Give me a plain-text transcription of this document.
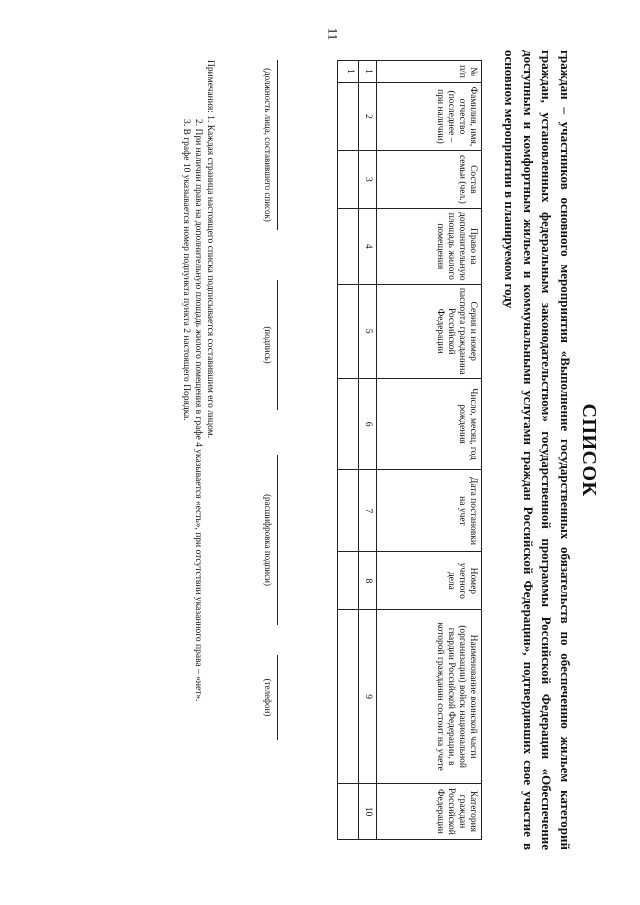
11
СПИСОК
граждан – участников основного мероприятия «Выполнение государственных обязательств по обеспечению жильем категорий граждан, установленных федеральным законодательством» государственной программы Российской Федерации «Обеспечение доступным и комфортным жильем и коммунальными услугами граждан Российской Федерации», подтвердивших свое участие в основном мероприятии в планируемом году
№ п/п	Фамилия, имя, отчество (последнее – при наличии)	Состав семьи (чел.)	Право на дополнительную площадь жилого помещения	Серия и номер паспорта гражданина Российской Федерации	Число, месяц, год рождения	Дата постановки на учет	Номер учетного дела	Наименование воинской части (организации) войск национальной гвардии Российской Федерации, в которой гражданин состоит на учете	Категория граждан Российской Федерации
1	2	3	4	5	6	7	8	9	10
1									
(должность лица, составившего список)
(подпись)
(расшифровка подписи)
(телефон)
Примечания: 1. Каждая страница настоящего списка подписывается составившим его лицом.
2. При наличии права на дополнительную площадь жилого помещения в графе 4 указывается «есть», при отсутствии указанного права – «нет».
3. В графе 10 указывается номер подпункта пункта 2 настоящего Порядка.
